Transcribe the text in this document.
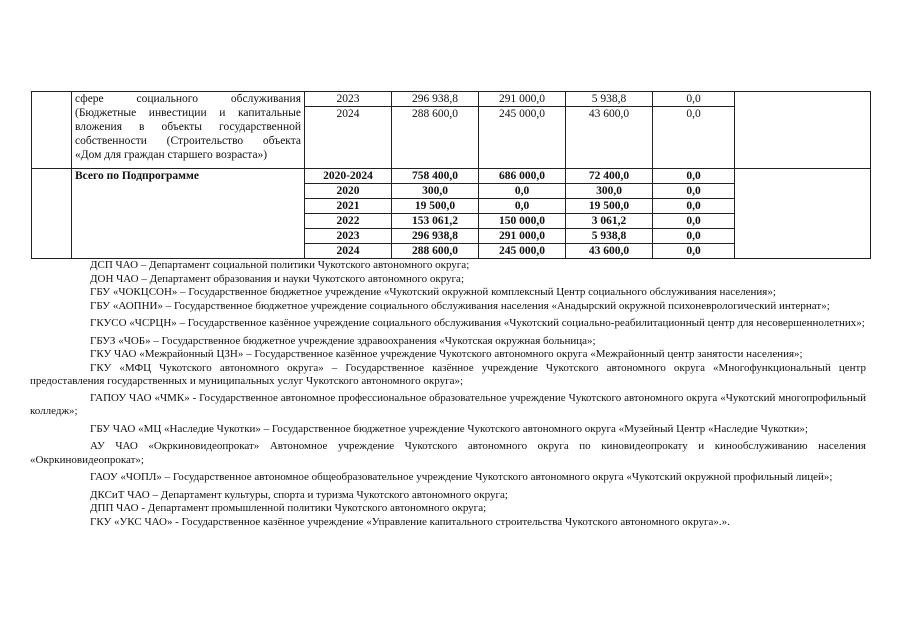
	сфере социального обслуживания
(Бюджетные инвестиции и капитальные
вложения в объекты государственной
собственности (Строительство объекта
«Дом для граждан старшего возраста»)	2023	296 938,8	291 000,0	5 938,8	0,0	
		2024	288 600,0	245 000,0	43 600,0	0,0	
	Всего по Подпрограмме	2020-2024	758 400,0	686 000,0	72 400,0	0,0	
		2020	300,0	0,0	300,0	0,0	
		2021	19 500,0	0,0	19 500,0	0,0	
		2022	153 061,2	150 000,0	3 061,2	0,0	
		2023	296 938,8	291 000,0	5 938,8	0,0	
		2024	288 600,0	245 000,0	43 600,0	0,0	

ДСП ЧАО – Департамент социальной политики Чукотского автономного округа;

ДОН ЧАО – Департамент образования и науки Чукотского автономного округа;

ГБУ «ЧОКЦСОН» – Государственное бюджетное учреждение «Чукотский окружной комплексный Центр социального обслуживания населения»;

ГБУ «АОПНИ» – Государственное бюджетное учреждение социального обслуживания населения «Анадырский окружной психоневрологический интернат»;

ГКУСО «ЧСРЦН» – Государственное казённое учреждение социального обслуживания «Чукотский социально-реабилитационный центр для несовершеннолетних»;

ГБУЗ «ЧОБ» – Государственное бюджетное учреждение здравоохранения «Чукотская окружная больница»;

ГКУ ЧАО «Межрайонный ЦЗН» – Государственное казённое учреждение Чукотского автономного округа «Межрайонный центр занятости населения»;

ГКУ «МФЦ Чукотского автономного округа» – Государственное казённое учреждение Чукотского автономного округа «Многофункциональный центр предоставления государственных и муниципальных услуг Чукотского автономного округа»;

ГАПОУ ЧАО «ЧМК» - Государственное автономное профессиональное образовательное учреждение Чукотского автономного округа «Чукотский многопрофильный колледж»;

ГБУ ЧАО «МЦ «Наследие Чукотки» – Государственное бюджетное учреждение Чукотского автономного округа «Музейный Центр «Наследие Чукотки»;

АУ ЧАО «Окркиновидеопрокат» Автономное учреждение Чукотского автономного округа по киновидеопрокату и кинообслуживанию населения «Окркиновидеопрокат»;

ГАОУ «ЧОПЛ» – Государственное автономное общеобразовательное учреждение Чукотского автономного округа «Чукотский окружной профильный лицей»;

ДКСиТ ЧАО – Департамент культуры, спорта и туризма Чукотского автономного округа;

ДПП ЧАО - Департамент промышленной политики Чукотского автономного округа;

ГКУ «УКС ЧАО» - Государственное казённое учреждение «Управление капитального строительства Чукотского автономного округа».».
